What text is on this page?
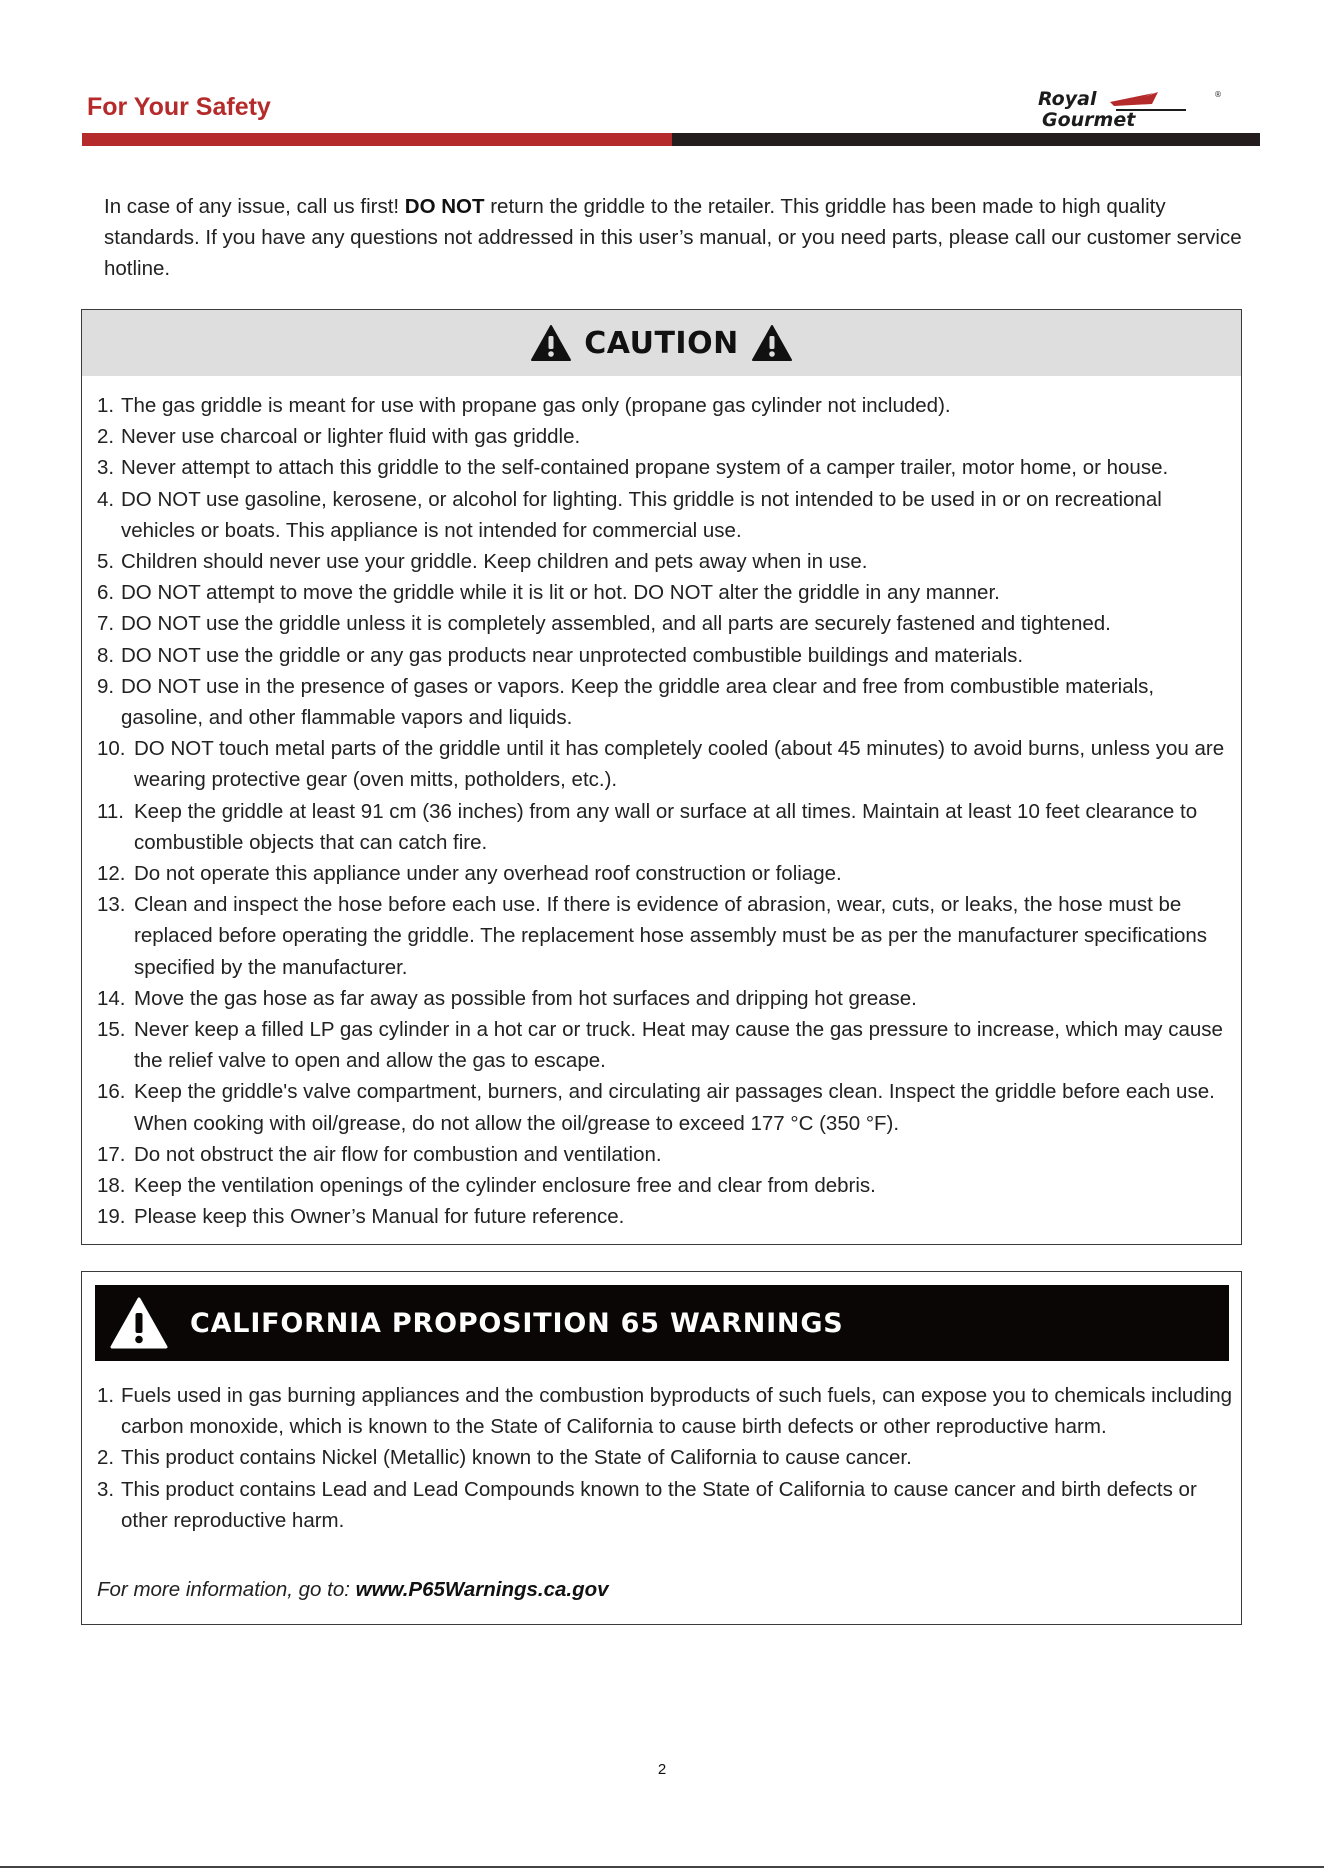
For Your Safety	Royal
Gourmet
®
In case of any issue, call us first! DO NOT return the griddle to the retailer. This griddle has been made to high quality standards. If you have any questions not addressed in this user’s manual, or you need parts, please call our customer service hotline.
CAUTION
1. The gas griddle is meant for use with propane gas only (propane gas cylinder not included).
2. Never use charcoal or lighter fluid with gas griddle.
3. Never attempt to attach this griddle to the self-contained propane system of a camper trailer, motor home, or house.
4. DO NOT use gasoline, kerosene, or alcohol for lighting. This griddle is not intended to be used in or on recreational vehicles or boats. This appliance is not intended for commercial use.
5. Children should never use your griddle. Keep children and pets away when in use.
6. DO NOT attempt to move the griddle while it is lit or hot. DO NOT alter the griddle in any manner.
7. DO NOT use the griddle unless it is completely assembled, and all parts are securely fastened and tightened.
8. DO NOT use the griddle or any gas products near unprotected combustible buildings and materials.
9. DO NOT use in the presence of gases or vapors. Keep the griddle area clear and free from combustible materials, gasoline, and other flammable vapors and liquids.
10. DO NOT touch metal parts of the griddle until it has completely cooled (about 45 minutes) to avoid burns, unless you are wearing protective gear (oven mitts, potholders, etc.).
11. Keep the griddle at least 91 cm (36 inches) from any wall or surface at all times. Maintain at least 10 feet clearance to combustible objects that can catch fire.
12. Do not operate this appliance under any overhead roof construction or foliage.
13. Clean and inspect the hose before each use. If there is evidence of abrasion, wear, cuts, or leaks, the hose must be replaced before operating the griddle. The replacement hose assembly must be as per the manufacturer specifications specified by the manufacturer.
14. Move the gas hose as far away as possible from hot surfaces and dripping hot grease.
15. Never keep a filled LP gas cylinder in a hot car or truck. Heat may cause the gas pressure to increase, which may cause the relief valve to open and allow the gas to escape.
16. Keep the griddle's valve compartment, burners, and circulating air passages clean. Inspect the griddle before each use. When cooking with oil/grease, do not allow the oil/grease to exceed 177 °C (350 °F).
17. Do not obstruct the air flow for combustion and ventilation.
18. Keep the ventilation openings of the cylinder enclosure free and clear from debris.
19. Please keep this Owner’s Manual for future reference.
CALIFORNIA PROPOSITION 65 WARNINGS
1. Fuels used in gas burning appliances and the combustion byproducts of such fuels, can expose you to chemicals including carbon monoxide, which is known to the State of California to cause birth defects or other reproductive harm.
2. This product contains Nickel (Metallic) known to the State of California to cause cancer.
3. This product contains Lead and Lead Compounds known to the State of California to cause cancer and birth defects or other reproductive harm.
For more information, go to: www.P65Warnings.ca.gov
2
